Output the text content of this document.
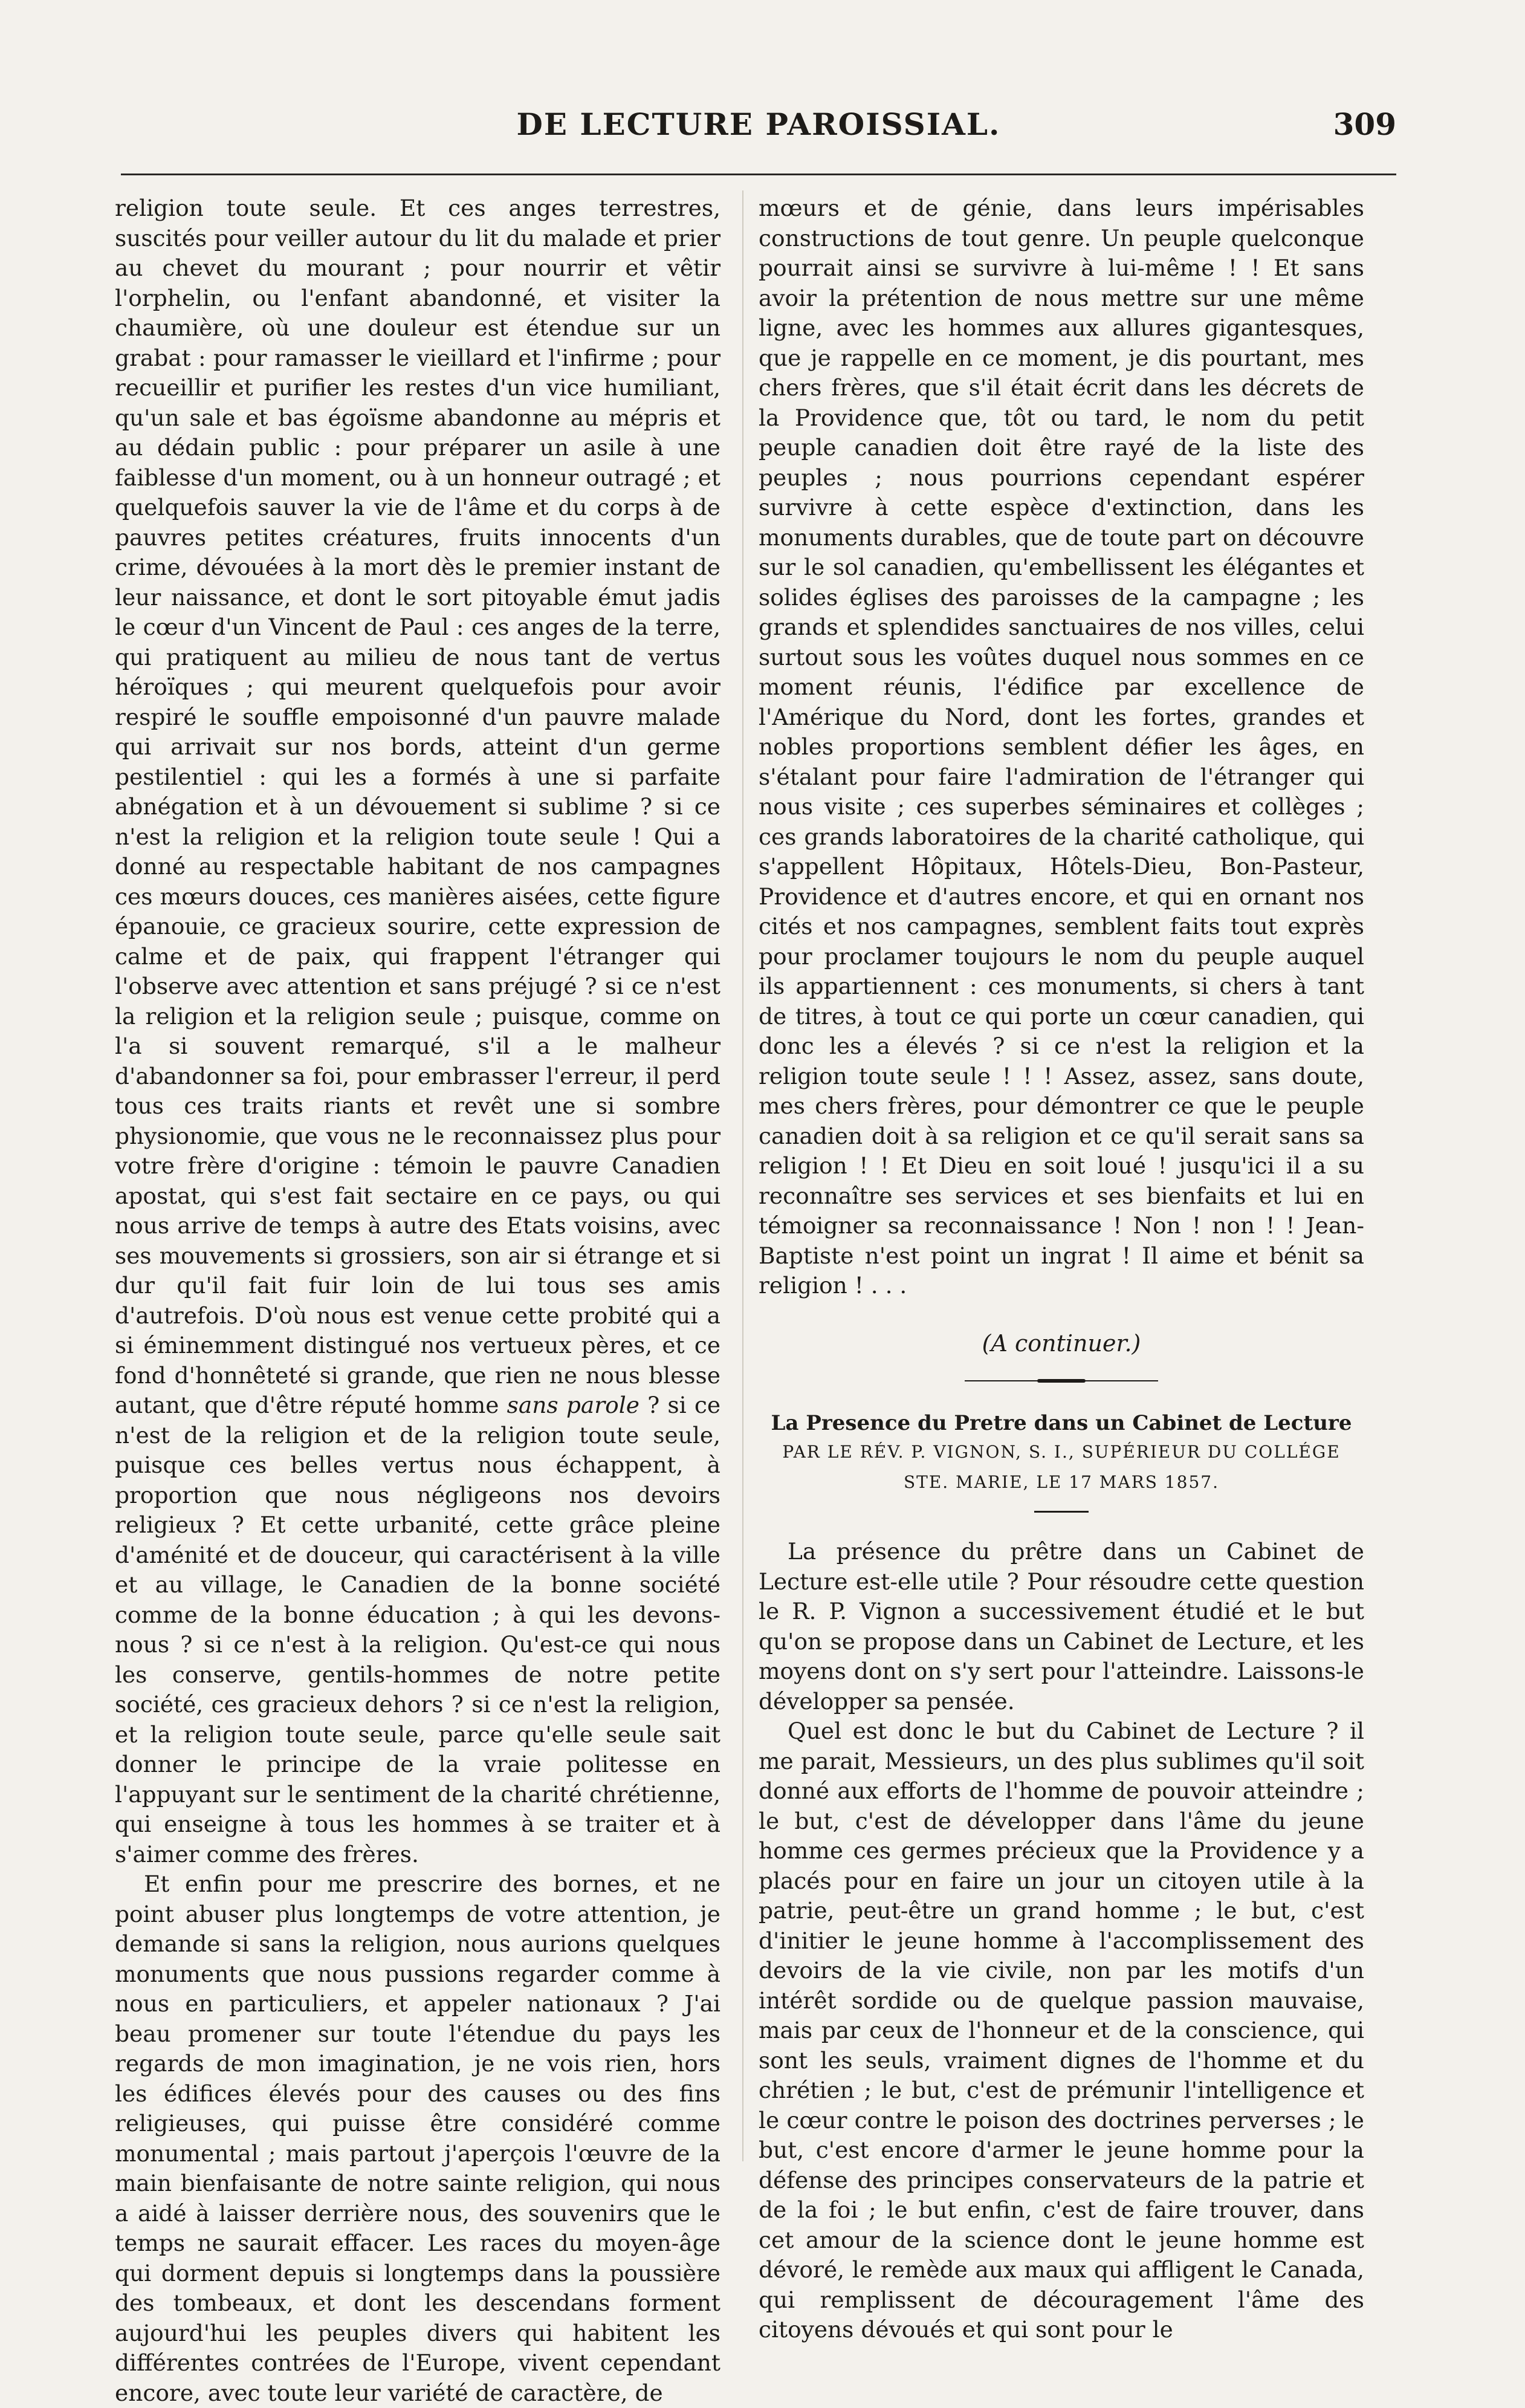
DE LECTURE PAROISSIAL.	309

religion toute seule. Et ces anges terrestres, suscités pour veiller autour du lit du malade et prier au chevet du mourant ; pour nourrir et vêtir l'orphelin, ou l'enfant abandonné, et visiter la chaumière, où une douleur est étendue sur un grabat : pour ramasser le vieillard et l'infirme ; pour recueillir et purifier les restes d'un vice humiliant, qu'un sale et bas égoïsme abandonne au mépris et au dédain public : pour préparer un asile à une faiblesse d'un moment, ou à un honneur outragé ; et quelquefois sauver la vie de l'âme et du corps à de pauvres petites créatures, fruits innocents d'un crime, dévouées à la mort dès le premier instant de leur naissance, et dont le sort pitoyable émut jadis le cœur d'un Vincent de Paul : ces anges de la terre, qui pratiquent au milieu de nous tant de vertus héroïques ; qui meurent quelquefois pour avoir respiré le souffle empoisonné d'un pauvre malade qui arrivait sur nos bords, atteint d'un germe pestilentiel : qui les a formés à une si parfaite abnégation et à un dévouement si sublime ? si ce n'est la religion et la religion toute seule ! Qui a donné au respectable habitant de nos campagnes ces mœurs douces, ces manières aisées, cette figure épanouie, ce gracieux sourire, cette expression de calme et de paix, qui frappent l'étranger qui l'observe avec attention et sans préjugé ? si ce n'est la religion et la religion seule ; puisque, comme on l'a si souvent remarqué, s'il a le malheur d'abandonner sa foi, pour embrasser l'erreur, il perd tous ces traits riants et revêt une si sombre physionomie, que vous ne le reconnaissez plus pour votre frère d'origine : témoin le pauvre Canadien apostat, qui s'est fait sectaire en ce pays, ou qui nous arrive de temps à autre des Etats voisins, avec ses mouvements si grossiers, son air si étrange et si dur qu'il fait fuir loin de lui tous ses amis d'autrefois. D'où nous est venue cette probité qui a si éminemment distingué nos vertueux pères, et ce fond d'honnêteté si grande, que rien ne nous blesse autant, que d'être réputé homme sans parole ? si ce n'est de la religion et de la religion toute seule, puisque ces belles vertus nous échappent, à proportion que nous négligeons nos devoirs religieux ? Et cette urbanité, cette grâce pleine d'aménité et de douceur, qui caractérisent à la ville et au village, le Canadien de la bonne société comme de la bonne éducation ; à qui les devons-nous ? si ce n'est à la religion. Qu'est-ce qui nous les conserve, gentils-hommes de notre petite société, ces gracieux dehors ? si ce n'est la religion, et la religion toute seule, parce qu'elle seule sait donner le principe de la vraie politesse en l'appuyant sur le sentiment de la charité chrétienne, qui enseigne à tous les hommes à se traiter et à s'aimer comme des frères.

Et enfin pour me prescrire des bornes, et ne point abuser plus longtemps de votre attention, je demande si sans la religion, nous aurions quelques monuments que nous pussions regarder comme à nous en particuliers, et appeler nationaux ? J'ai beau promener sur toute l'étendue du pays les regards de mon imagination, je ne vois rien, hors les édifices élevés pour des causes ou des fins religieuses, qui puisse être considéré comme monumental ; mais partout j'aperçois l'œuvre de la main bienfaisante de notre sainte religion, qui nous a aidé à laisser derrière nous, des souvenirs que le temps ne saurait effacer. Les races du moyen-âge qui dorment depuis si longtemps dans la poussière des tombeaux, et dont les descendans forment aujourd'hui les peuples divers qui habitent les différentes contrées de l'Europe, vivent cependant encore, avec toute leur variété de caractère, de

mœurs et de génie, dans leurs impérisables constructions de tout genre. Un peuple quelconque pourrait ainsi se survivre à lui-même ! ! Et sans avoir la prétention de nous mettre sur une même ligne, avec les hommes aux allures gigantesques, que je rappelle en ce moment, je dis pourtant, mes chers frères, que s'il était écrit dans les décrets de la Providence que, tôt ou tard, le nom du petit peuple canadien doit être rayé de la liste des peuples ; nous pourrions cependant espérer survivre à cette espèce d'extinction, dans les monuments durables, que de toute part on découvre sur le sol canadien, qu'embellissent les élégantes et solides églises des paroisses de la campagne ; les grands et splendides sanctuaires de nos villes, celui surtout sous les voûtes duquel nous sommes en ce moment réunis, l'édifice par excellence de l'Amérique du Nord, dont les fortes, grandes et nobles proportions semblent défier les âges, en s'étalant pour faire l'admiration de l'étranger qui nous visite ; ces superbes séminaires et collèges ; ces grands laboratoires de la charité catholique, qui s'appellent Hôpitaux, Hôtels-Dieu, Bon-Pasteur, Providence et d'autres encore, et qui en ornant nos cités et nos campagnes, semblent faits tout exprès pour proclamer toujours le nom du peuple auquel ils appartiennent : ces monuments, si chers à tant de titres, à tout ce qui porte un cœur canadien, qui donc les a élevés ? si ce n'est la religion et la religion toute seule ! ! ! Assez, assez, sans doute, mes chers frères, pour démontrer ce que le peuple canadien doit à sa religion et ce qu'il serait sans sa religion ! ! Et Dieu en soit loué ! jusqu'ici il a su reconnaître ses services et ses bienfaits et lui en témoigner sa reconnaissance ! Non ! non ! ! Jean-Baptiste n'est point un ingrat ! Il aime et bénit sa religion ! . . .

(A continuer.)
La Presence du Pretre dans un Cabinet de Lecture
PAR LE RÉV. P. VIGNON, S. I., SUPÉRIEUR DU COLLÉGE
STE. MARIE, LE 17 MARS 1857.

La présence du prêtre dans un Cabinet de Lecture est-elle utile ? Pour résoudre cette question le R. P. Vignon a successivement étudié et le but qu'on se propose dans un Cabinet de Lecture, et les moyens dont on s'y sert pour l'atteindre. Laissons-le développer sa pensée.

Quel est donc le but du Cabinet de Lecture ? il me parait, Messieurs, un des plus sublimes qu'il soit donné aux efforts de l'homme de pouvoir atteindre ; le but, c'est de développer dans l'âme du jeune homme ces germes précieux que la Providence y a placés pour en faire un jour un citoyen utile à la patrie, peut-être un grand homme ; le but, c'est d'initier le jeune homme à l'accomplissement des devoirs de la vie civile, non par les motifs d'un intérêt sordide ou de quelque passion mauvaise, mais par ceux de l'honneur et de la conscience, qui sont les seuls, vraiment dignes de l'homme et du chrétien ; le but, c'est de prémunir l'intelligence et le cœur contre le poison des doctrines perverses ; le but, c'est encore d'armer le jeune homme pour la défense des principes conservateurs de la patrie et de la foi ; le but enfin, c'est de faire trouver, dans cet amour de la science dont le jeune homme est dévoré, le remède aux maux qui affligent le Canada, qui remplissent de découragement l'âme des citoyens dévoués et qui sont pour le
